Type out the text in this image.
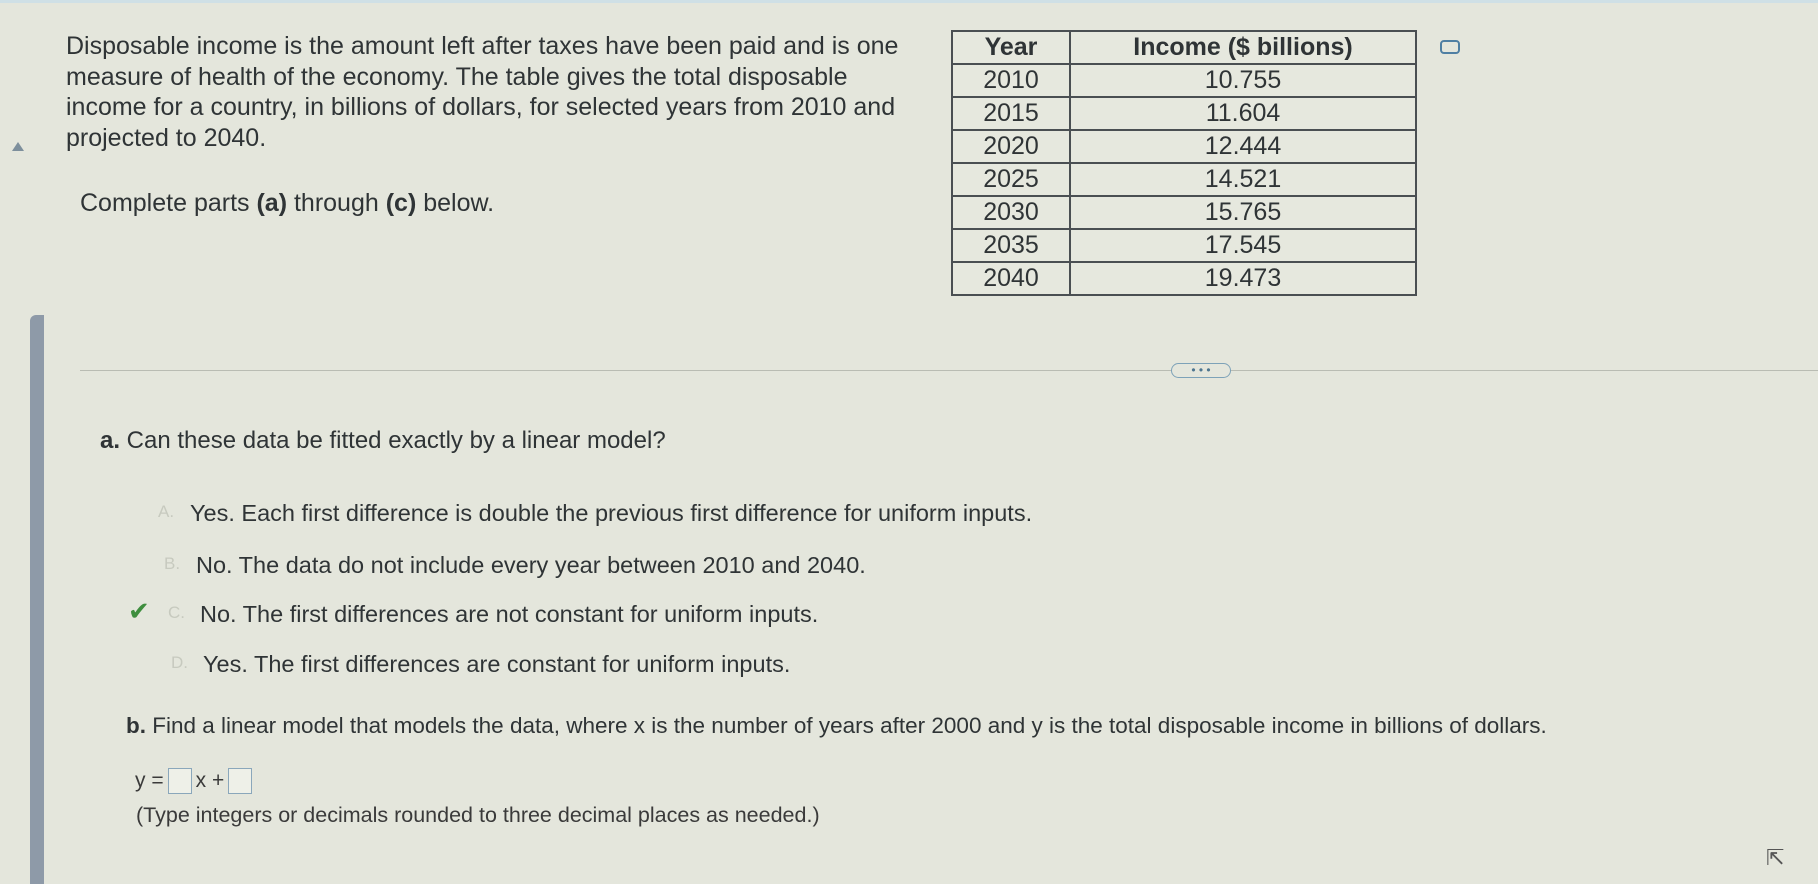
Disposable income is the amount left after taxes have been paid and is one

measure of health of the economy. The table gives the total disposable

income for a country, in billions of dollars, for selected years from 2010 and

projected to 2040.

Complete parts (a) through (c) below.
Year	Income ($ billions)
2010	10.755
2015	11.604
2020	12.444
2025	14.521
2030	15.765
2035	17.545
2040	19.473
• • •
a. Can these data be fitted exactly by a linear model?
A. Yes. Each first difference is double the previous first difference for uniform inputs.
B. No. The data do not include every year between 2010 and 2040.
✔ C. No. The first differences are not constant for uniform inputs.
D. Yes. The first differences are constant for uniform inputs.
b. Find a linear model that models the data, where x is the number of years after 2000 and y is the total disposable income in billions of dollars.
y = x +
(Type integers or decimals rounded to three decimal places as needed.)
⇱
